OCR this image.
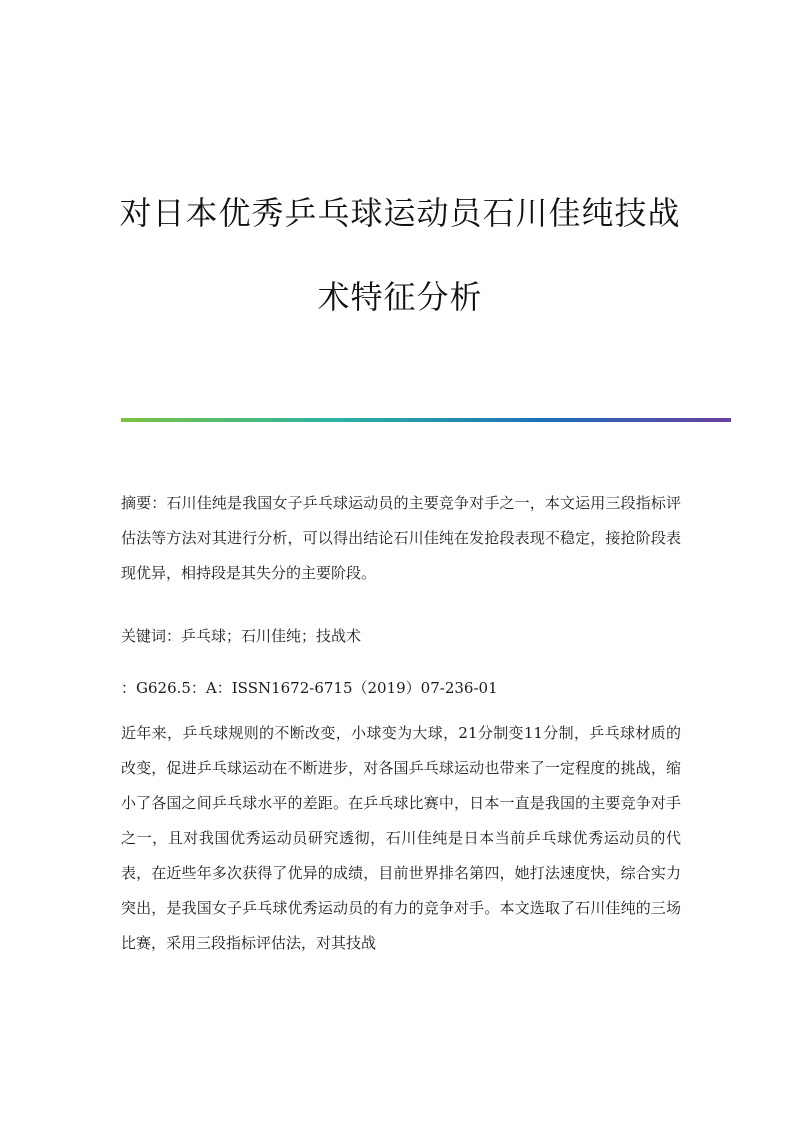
对日本优秀乒乓球运动员石川佳纯技战
术特征分析

摘要：石川佳纯是我国女子乒乓球运动员的主要竞争对手之一，本文运用三段指标评估法等方法对其进行分析，可以得出结论石川佳纯在发抢段表现不稳定，接抢阶段表现优异，相持段是其失分的主要阶段。

关键词：乒乓球；石川佳纯；技战术

：G626.5：A：ISSN1672-6715（2019）07-236-01

近年来，乒乓球规则的不断改变，小球变为大球，21分制变11分制，乒乓球材质的改变，促进乒乓球运动在不断进步，对各国乒乓球运动也带来了一定程度的挑战，缩小了各国之间乒乓球水平的差距。在乒乓球比赛中，日本一直是我国的主要竞争对手之一，且对我国优秀运动员研究透彻，石川佳纯是日本当前乒乓球优秀运动员的代表，在近些年多次获得了优异的成绩，目前世界排名第四，她打法速度快，综合实力突出，是我国女子乒乓球优秀运动员的有力的竞争对手。本文选取了石川佳纯的三场比赛，采用三段指标评估法，对其技战
